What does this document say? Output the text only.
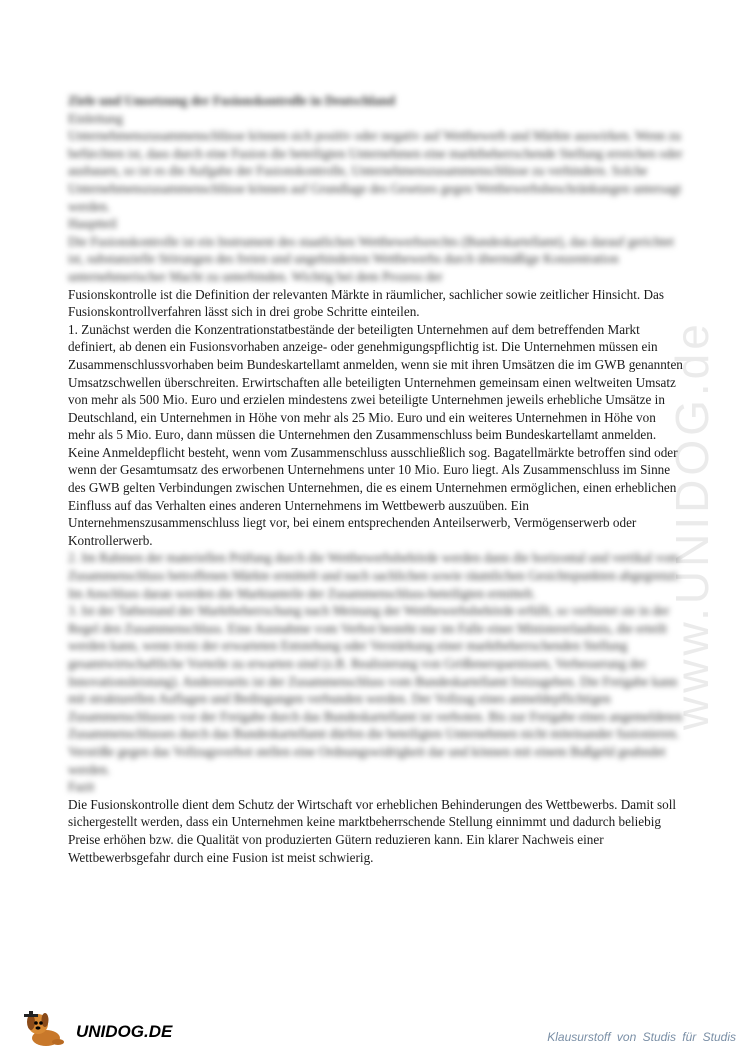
www.UNIDOG.de

Ziele und Umsetzung der Fusionskontrolle in Deutschland

Einleitung

Unternehmenszusammenschlüsse können sich positiv oder negativ auf Wettbewerb und Märkte auswirken. Wenn zu befürchten ist, dass durch eine Fusion die beteiligten Unternehmen eine marktbeherrschende Stellung erreichen oder ausbauen, so ist es die Aufgabe der Fusionskontrolle, Unternehmenszusammenschlüsse zu verhindern. Solche Unternehmenszusammenschlüsse können auf Grundlage des Gesetzes gegen Wettbewerbsbeschränkungen untersagt werden.

Hauptteil

Die Fusionskontrolle ist ein Instrument des staatlichen Wettbewerbsrechts (Bundeskartellamt), das darauf gerichtet ist, substanzielle Störungen des freien und ungehinderten Wettbewerbs durch übermäßige Konzentration unternehmerischer Macht zu unterbinden. Wichtig bei dem Prozess der

Fusionskontrolle ist die Definition der relevanten Märkte in räumlicher, sachlicher sowie zeitlicher Hinsicht. Das Fusionskontrollverfahren lässt sich in drei grobe Schritte einteilen.

1. Zunächst werden die Konzentrationstatbestände der beteiligten Unternehmen auf dem betreffenden Markt definiert, ab denen ein Fusionsvorhaben anzeige- oder genehmigungspflichtig ist. Die Unternehmen müssen ein Zusammenschlussvorhaben beim Bundeskartellamt anmelden, wenn sie mit ihren Umsätzen die im GWB genannten Umsatzschwellen überschreiten. Erwirtschaften alle beteiligten Unternehmen gemeinsam einen weltweiten Umsatz von mehr als 500 Mio. Euro und erzielen mindestens zwei beteiligte Unternehmen jeweils erhebliche Umsätze in Deutschland, ein Unternehmen in Höhe von mehr als 25 Mio. Euro und ein weiteres Unternehmen in Höhe von mehr als 5 Mio. Euro, dann müssen die Unternehmen den Zusammenschluss beim Bundeskartellamt anmelden. Keine Anmeldepflicht besteht, wenn vom Zusammenschluss ausschließlich sog. Bagatellmärkte betroffen sind oder wenn der Gesamtumsatz des erworbenen Unternehmens unter 10 Mio. Euro liegt. Als Zusammenschluss im Sinne des GWB gelten Verbindungen zwischen Unternehmen, die es einem Unternehmen ermöglichen, einen erheblichen Einfluss auf das Verhalten eines anderen Unternehmens im Wettbewerb auszuüben. Ein Unternehmenszusammenschluss liegt vor, bei einem entsprechenden Anteilserwerb, Vermögenserwerb oder Kontrollerwerb.

2. Im Rahmen der materiellen Prüfung durch die Wettbewerbsbehörde werden dann die horizontal und vertikal vom Zusammenschluss betroffenen Märkte ermittelt und nach sachlichen sowie räumlichen Gesichtspunkten abgegrenzt. Im Anschluss daran werden die Marktanteile der Zusammenschluss-beteiligten ermittelt.

3. Ist der Tatbestand der Marktbeherrschung nach Meinung der Wettbewerbsbehörde erfüllt, so verbietet sie in der Regel den Zusammenschluss. Eine Ausnahme vom Verbot besteht nur im Falle einer Ministererlaubnis, die erteilt werden kann, wenn trotz der erwarteten Entstehung oder Verstärkung einer marktbeherrschenden Stellung gesamtwirtschaftliche Vorteile zu erwarten sind (z.B. Realisierung von Größenersparnissen, Verbesserung der Innovationsleistung). Andererseits ist der Zusammenschluss vom Bundeskartellamt freizugeben. Die Freigabe kann mit strukturellen Auflagen und Bedingungen verbunden werden. Der Vollzug eines anmeldepflichtigen Zusammenschlusses vor der Freigabe durch das Bundeskartellamt ist verboten. Bis zur Freigabe eines angemeldeten Zusammenschlusses durch das Bundeskartellamt dürfen die beteiligten Unternehmen nicht miteinander fusionieren. Verstöße gegen das Vollzugsverbot stellen eine Ordnungswidrigkeit dar und können mit einem Bußgeld geahndet werden.

Fazit

Die Fusionskontrolle dient dem Schutz der Wirtschaft vor erheblichen Behinderungen des Wettbewerbs. Damit soll sichergestellt werden, dass ein Unternehmen keine marktbeherrschende Stellung einnimmt und dadurch beliebig Preise erhöhen bzw. die Qualität von produzierten Gütern reduzieren kann. Ein klarer Nachweis einer Wettbewerbsgefahr durch eine Fusion ist meist schwierig.

UNIDOG.DE	Klausurstoff von Studis für Studis
